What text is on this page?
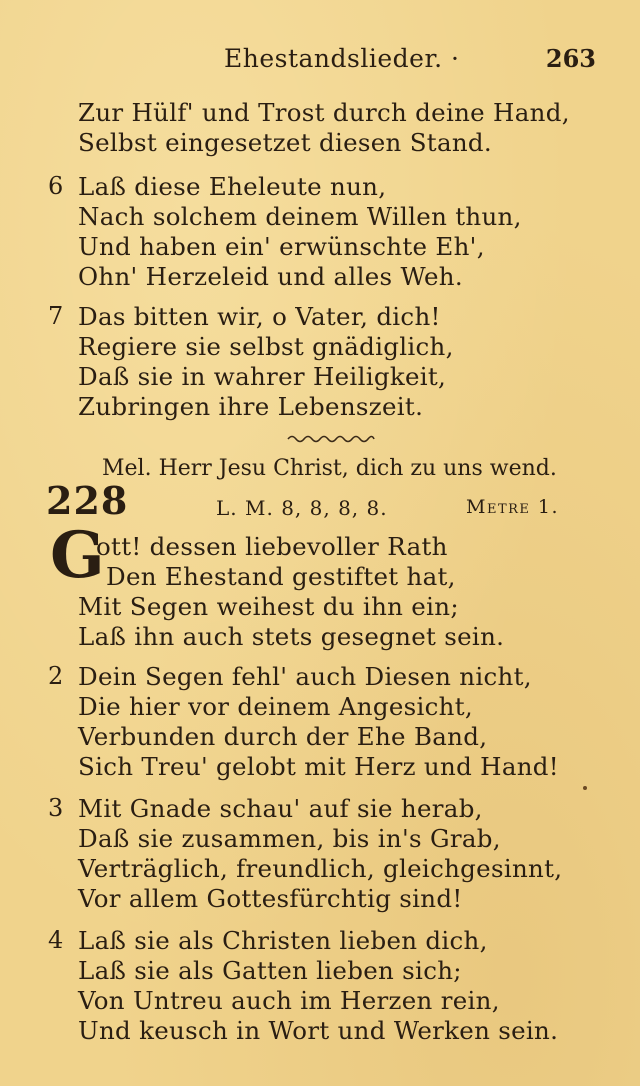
Ehestandslieder. ·	263
Zur Hülf' und Trost durch deine Hand,
Selbst eingesetzet diesen Stand.
6 Laß diese Eheleute nun,
Nach solchem deinem Willen thun,
Und haben ein' erwünschte Eh',
Ohn' Herzeleid und alles Weh.
7 Das bitten wir, o Vater, dich!
Regiere sie selbst gnädiglich,
Daß sie in wahrer Heiligkeit,
Zubringen ihre Lebenszeit.
Mel. Herr Jesu Christ, dich zu uns wend.
228	L. M. 8, 8, 8, 8.	Metre 1.
G
ott! dessen liebevoller Rath
Den Ehestand gestiftet hat,
Mit Segen weihest du ihn ein;
Laß ihn auch stets gesegnet sein.
2 Dein Segen fehl' auch Diesen nicht,
Die hier vor deinem Angesicht,
Verbunden durch der Ehe Band,
Sich Treu' gelobt mit Herz und Hand!
3 Mit Gnade schau' auf sie herab,
Daß sie zusammen, bis in's Grab,
Verträglich, freundlich, gleichgesinnt,
Vor allem Gottesfürchtig sind!
4 Laß sie als Christen lieben dich,
Laß sie als Gatten lieben sich;
Von Untreu auch im Herzen rein,
Und keusch in Wort und Werken sein.
